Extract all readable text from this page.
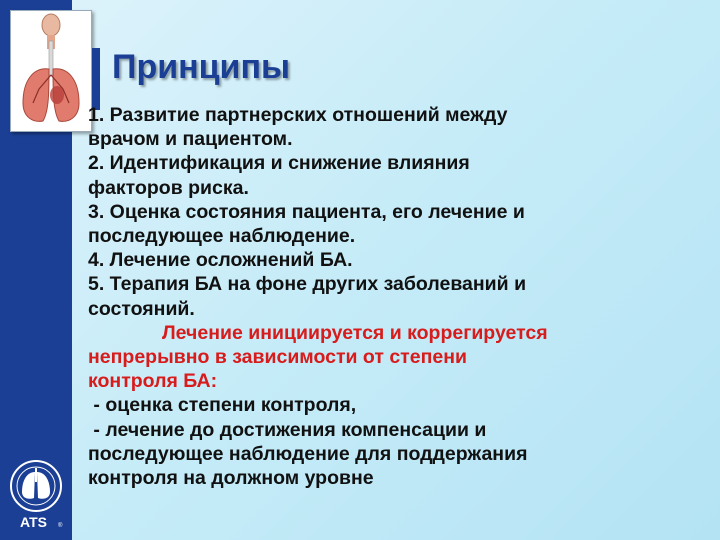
Принципы
1. Развитие партнерских отношений между
врачом и пациентом.
2. Идентификация и снижение влияния
факторов риска.
3. Оценка состояния пациента, его лечение и
последующее наблюдение.
4. Лечение осложнений БА.
5. Терапия БА на фоне других заболеваний и
состояний.
Лечение инициируется и коррегируется
непрерывно в зависимости от степени
контроля БА:
- оценка степени контроля,
- лечение до достижения компенсации и
последующее наблюдение для поддержания
контроля на должном уровне
ATS ®
